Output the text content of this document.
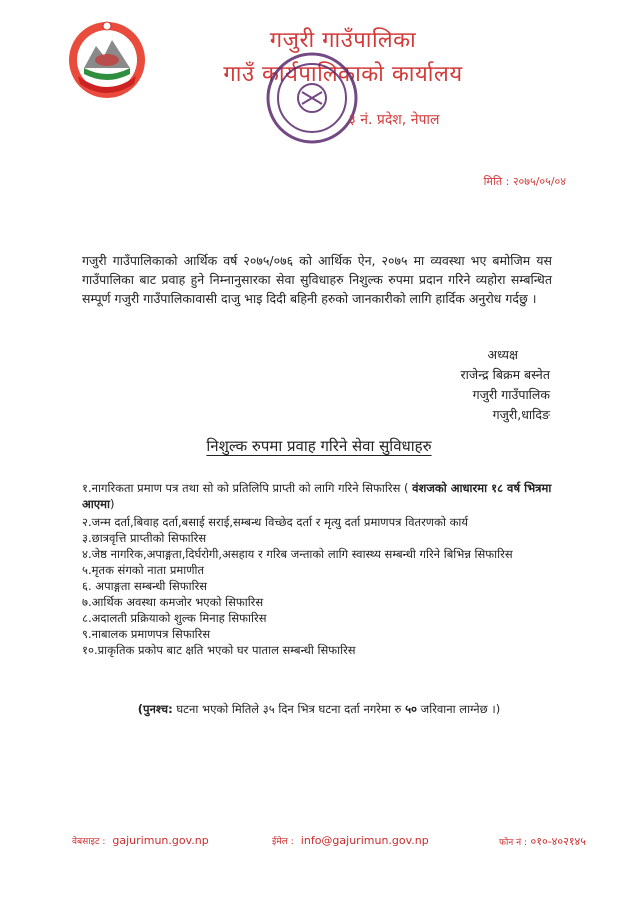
गजुरी गाउँपालिका
गाउँ कार्यपालिकाको कार्यालय
३ नं. प्रदेश, नेपाल
मिति : २०७५/०५/०४
गजुरी गाउँपालिकाको आर्थिक वर्ष २०७५/०७६ को आर्थिक ऐन, २०७५ मा व्यवस्था भए बमोजिम यस गाउँपालिका बाट प्रवाह हुने निम्नानुसारका सेवा सुविधाहरु निशुल्क रुपमा प्रदान गरिने व्यहोरा सम्बन्धित सम्पूर्ण गजुरी गाउँपालिकावासी दाजु भाइ दिदी बहिनी हरुको जानकारीको लागि हार्दिक अनुरोध गर्दछु ।
अध्यक्ष
राजेन्द्र बिक्रम बस्नेत
गजुरी गाउँपालिक
गजुरी,धादिङ
निशुल्क रुपमा प्रवाह गरिने सेवा सुविधाहरु
१.नागरिकता प्रमाण पत्र तथा सो को प्रतिलिपि प्राप्ती को लागि गरिने सिफारिस ( वंशजको आधारमा १८ वर्ष भित्रमा आएमा)
२.जन्म दर्ता,बिवाह दर्ता,बसाई सराई,सम्बन्ध विच्छेद दर्ता र मृत्यु दर्ता प्रमाणपत्र वितरणको कार्य
३.छात्रवृत्ति प्राप्तीको सिफारिस
४.जेष्ठ नागरिक,अपाङ्गता,दिर्घरोगी,असहाय र गरिब जन्ताको लागि स्वास्थ्य सम्बन्धी गरिने बिभिन्न सिफारिस
५.मृतक संगको नाता प्रमाणीत
६. अपाङ्गता सम्बन्धी सिफारिस
७.आर्थिक अवस्था कमजोर भएको सिफारिस
८.अदालती प्रक्रियाको शुल्क मिनाह सिफारिस
९.नाबालक प्रमाणपत्र सिफारिस
१०.प्राकृतिक प्रकोप बाट क्षति भएको घर पाताल सम्बन्धी सिफारिस
(पुनश्च: घटना भएको मितिले ३५ दिन भित्र घटना दर्ता नगरेमा रु ५० जरिवाना लाग्नेछ ।)
वेबसाइट : gajurimun.gov.np	ईमेल : info@gajurimun.gov.np	फोन नं : ०१०-४०२१४५
